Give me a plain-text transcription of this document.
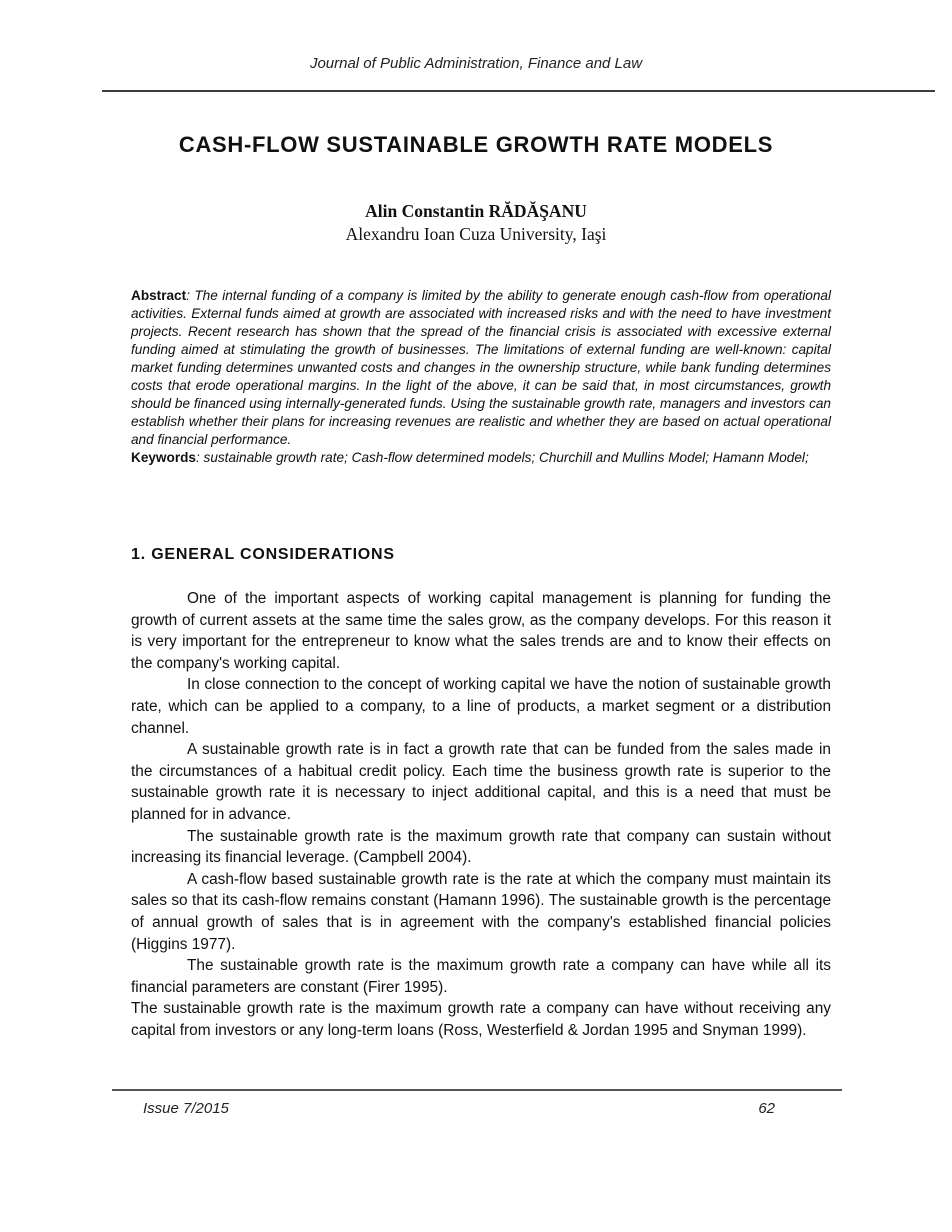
Journal of Public Administration, Finance and Law
CASH-FLOW SUSTAINABLE GROWTH RATE MODELS
Alin Constantin RĂDĂŞANU
Alexandru Ioan Cuza University, Iaşi

Abstract: The internal funding of a company is limited by the ability to generate enough cash-flow from operational activities. External funds aimed at growth are associated with increased risks and with the need to have investment projects. Recent research has shown that the spread of the financial crisis is associated with excessive external funding aimed at stimulating the growth of businesses. The limitations of external funding are well-known: capital market funding determines unwanted costs and changes in the ownership structure, while bank funding determines costs that erode operational margins. In the light of the above, it can be said that, in most circumstances, growth should be financed using internally-generated funds. Using the sustainable growth rate, managers and investors can establish whether their plans for increasing revenues are realistic and whether they are based on actual operational and financial performance.

Keywords: sustainable growth rate; Cash-flow determined models; Churchill and Mullins Model; Hamann Model;

1. GENERAL CONSIDERATIONS

One of the important aspects of working capital management is planning for funding the growth of current assets at the same time the sales grow, as the company develops. For this reason it is very important for the entrepreneur to know what the sales trends are and to know their effects on the company's working capital.

In close connection to the concept of working capital we have the notion of sustainable growth rate, which can be applied to a company, to a line of products, a market segment or a distribution channel.

A sustainable growth rate is in fact a growth rate that can be funded from the sales made in the circumstances of a habitual credit policy. Each time the business growth rate is superior to the sustainable growth rate it is necessary to inject additional capital, and this is a need that must be planned for in advance.

The sustainable growth rate is the maximum growth rate that company can sustain without increasing its financial leverage. (Campbell 2004).

A cash-flow based sustainable growth rate is the rate at which the company must maintain its sales so that its cash-flow remains constant (Hamann 1996). The sustainable growth is the percentage of annual growth of sales that is in agreement with the company's established financial policies (Higgins 1977).

The sustainable growth rate is the maximum growth rate a company can have while all its financial parameters are constant (Firer 1995).

The sustainable growth rate is the maximum growth rate a company can have without receiving any capital from investors or any long-term loans (Ross, Westerfield & Jordan 1995 and Snyman 1999).

Issue 7/2015	62
